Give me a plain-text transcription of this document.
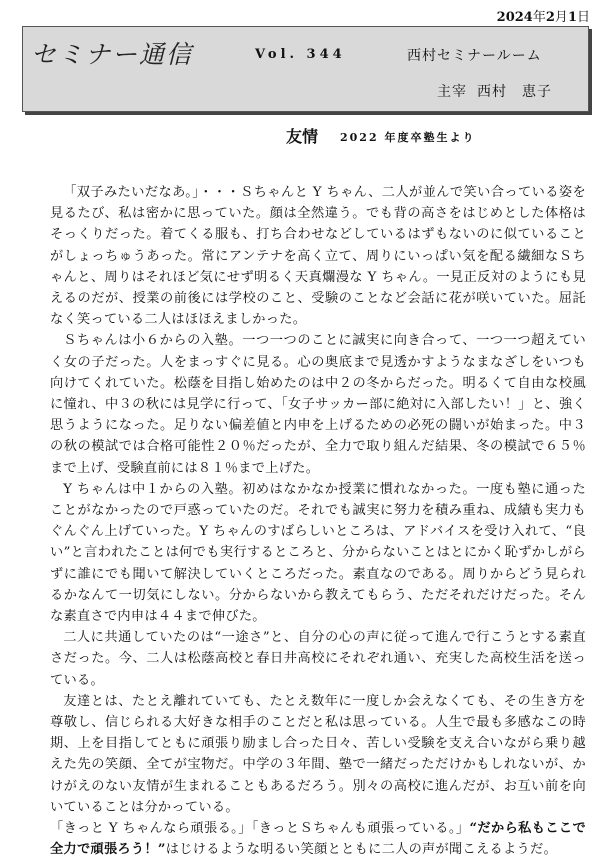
2024年2月1日
セミナー通信	Vol. 344	西村セミナールーム
主宰 西村　恵子
友情 2022 年度卒塾生より

「双子みたいだなあ。」・・・Ｓちゃんと Y ちゃん、二人が並んで笑い合っている姿を見るたび、私は密かに思っていた。顔は全然違う。でも背の高さをはじめとした体格はそっくりだった。着てくる服も、打ち合わせなどしているはずもないのに似ていることがしょっちゅうあった。常にアンテナを高く立て、周りにいっぱい気を配る繊細なＳちゃんと、周りはそれほど気にせず明るく天真爛漫な Y ちゃん。一見正反対のようにも見えるのだが、授業の前後には学校のこと、受験のことなど会話に花が咲いていた。屈託なく笑っている二人はほほえましかった。

Ｓちゃんは小６からの入塾。一つ一つのことに誠実に向き合って、一つ一つ超えていく女の子だった。人をまっすぐに見る。心の奥底まで見透かすようなまなざしをいつも向けてくれていた。松蔭を目指し始めたのは中２の冬からだった。明るくて自由な校風に憧れ、中３の秋には見学に行って、「女子サッカー部に絶対に入部したい！」と、強く思うようになった。足りない偏差値と内申を上げるための必死の闘いが始まった。中３の秋の模試では合格可能性２０％だったが、全力で取り組んだ結果、冬の模試で６５％まで上げ、受験直前には８１％まで上げた。

Y ちゃんは中１からの入塾。初めはなかなか授業に慣れなかった。一度も塾に通ったことがなかったので戸惑っていたのだ。それでも誠実に努力を積み重ね、成績も実力もぐんぐん上げていった。Y ちゃんのすばらしいところは、アドバイスを受け入れて、“良い”と言われたことは何でも実行するところと、分からないことはとにかく恥ずかしがらずに誰にでも聞いて解決していくところだった。素直なのである。周りからどう見られるかなんて一切気にしない。分からないから教えてもらう、ただそれだけだった。そんな素直さで内申は４４まで伸びた。

二人に共通していたのは“一途さ”と、自分の心の声に従って進んで行こうとする素直さだった。今、二人は松蔭高校と春日井高校にそれぞれ通い、充実した高校生活を送っている。

友達とは、たとえ離れていても、たとえ数年に一度しか会えなくても、その生き方を尊敬し、信じられる大好きな相手のことだと私は思っている。人生で最も多感なこの時期、上を目指してともに頑張り励まし合った日々、苦しい受験を支え合いながら乗り越えた先の笑顔、全てが宝物だ。中学の３年間、塾で一緒だっただけかもしれないが、かけがえのない友情が生まれることもあるだろう。別々の高校に進んだが、お互い前を向いていることは分かっている。

「きっと Y ちゃんなら頑張る。」「きっとＳちゃんも頑張っている。」“だから私もここで全力で頑張ろう！”はじけるような明るい笑顔とともに二人の声が聞こえるようだ。
